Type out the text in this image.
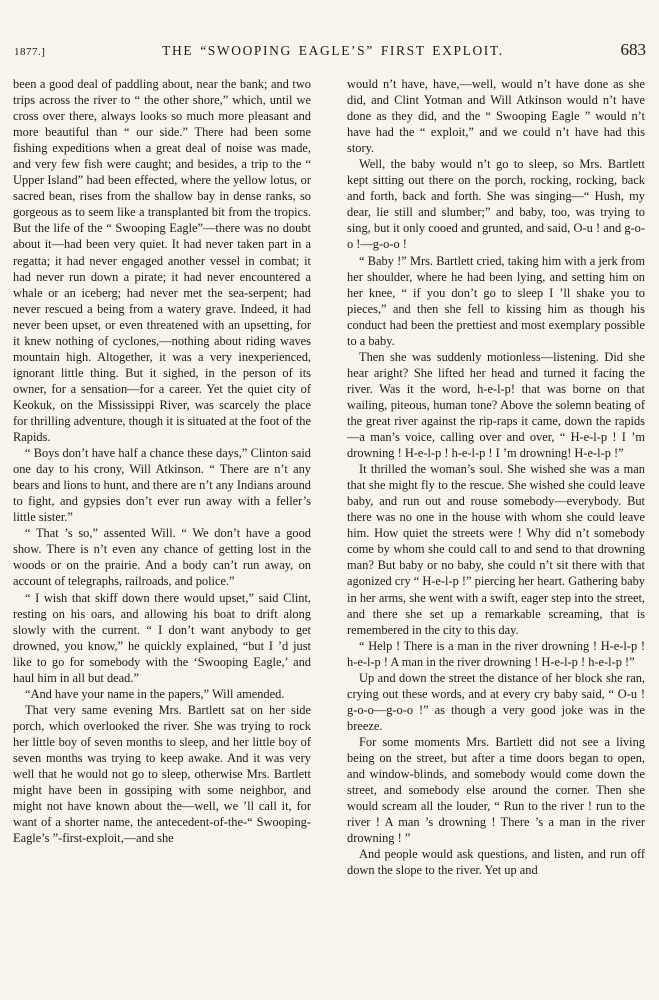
1877.]	THE “SWOOPING EAGLE’S” FIRST EXPLOIT.	683

been a good deal of paddling about, near the bank; and two trips across the river to “ the other shore,” which, until we cross over there, always looks so much more pleasant and more beautiful than “ our side.” There had been some fishing expeditions when a great deal of noise was made, and very few fish were caught; and besides, a trip to the “ Upper Island” had been effected, where the yellow lotus, or sacred bean, rises from the shallow bay in dense ranks, so gorgeous as to seem like a transplanted bit from the tropics. But the life of the “ Swooping Eagle”—there was no doubt about it—had been very quiet. It had never taken part in a regatta; it had never engaged another vessel in combat; it had never run down a pirate; it had never encountered a whale or an iceberg; had never met the sea-serpent; had never rescued a being from a watery grave. Indeed, it had never been upset, or even threatened with an upsetting, for it knew nothing of cyclones,—nothing about riding waves mountain high. Altogether, it was a very inexperienced, ignorant little thing. But it sighed, in the person of its owner, for a sensation—for a career. Yet the quiet city of Keokuk, on the Mississippi River, was scarcely the place for thrilling adventure, though it is situated at the foot of the Rapids.

“ Boys don’t have half a chance these days,” Clinton said one day to his crony, Will Atkinson. “ There are n’t any bears and lions to hunt, and there are n’t any Indians around to fight, and gypsies don’t ever run away with a feller’s little sister.”

“ That ’s so,” assented Will. “ We don’t have a good show. There is n’t even any chance of getting lost in the woods or on the prairie. And a body can’t run away, on account of telegraphs, railroads, and police.”

“ I wish that skiff down there would upset,” said Clint, resting on his oars, and allowing his boat to drift along slowly with the current. “ I don’t want anybody to get drowned, you know,” he quickly explained, “but I ’d just like to go for somebody with the ‘Swooping Eagle,’ and haul him in all but dead.”

“And have your name in the papers,” Will amended.

That very same evening Mrs. Bartlett sat on her side porch, which overlooked the river. She was trying to rock her little boy of seven months to sleep, and her little boy of seven months was trying to keep awake. And it was very well that he would not go to sleep, otherwise Mrs. Bartlett might have been in gossiping with some neighbor, and might not have known about the—well, we ’ll call it, for want of a shorter name, the antecedent-of-the-“ Swooping-Eagle’s ”-first-exploit,—and she

would n’t have, have,—well, would n’t have done as she did, and Clint Yotman and Will Atkinson would n’t have done as they did, and the “ Swooping Eagle ” would n’t have had the “ exploit,” and we could n’t have had this story.

Well, the baby would n’t go to sleep, so Mrs. Bartlett kept sitting out there on the porch, rocking, rocking, back and forth, back and forth. She was singing—“ Hush, my dear, lie still and slumber;” and baby, too, was trying to sing, but it only cooed and grunted, and said, O-u ! and g-o-o !—g-o-o !

“ Baby !” Mrs. Bartlett cried, taking him with a jerk from her shoulder, where he had been lying, and setting him on her knee, “ if you don’t go to sleep I ’ll shake you to pieces,” and then she fell to kissing him as though his conduct had been the prettiest and most exemplary possible to a baby.

Then she was suddenly motionless—listening. Did she hear aright? She lifted her head and turned it facing the river. Was it the word, h-e-l-p! that was borne on that wailing, piteous, human tone? Above the solemn beating of the great river against the rip-raps it came, down the rapids—a man’s voice, calling over and over, “ H-e-l-p ! I ’m drowning ! H-e-l-p ! h-e-l-p ! I ’m drowning! H-e-l-p !”

It thrilled the woman’s soul. She wished she was a man that she might fly to the rescue. She wished she could leave baby, and run out and rouse somebody—everybody. But there was no one in the house with whom she could leave him. How quiet the streets were ! Why did n’t somebody come by whom she could call to and send to that drowning man? But baby or no baby, she could n’t sit there with that agonized cry “ H-e-l-p !” piercing her heart. Gathering baby in her arms, she went with a swift, eager step into the street, and there she set up a remarkable screaming, that is remembered in the city to this day.

“ Help ! There is a man in the river drowning ! H-e-l-p ! h-e-l-p ! A man in the river drowning ! H-e-l-p ! h-e-l-p !”

Up and down the street the distance of her block she ran, crying out these words, and at every cry baby said, “ O-u ! g-o-o—g-o-o !” as though a very good joke was in the breeze.

For some moments Mrs. Bartlett did not see a living being on the street, but after a time doors began to open, and window-blinds, and somebody would come down the street, and somebody else around the corner. Then she would scream all the louder, “ Run to the river ! run to the river ! A man ’s drowning ! There ’s a man in the river drowning ! ”

And people would ask questions, and listen, and run off down the slope to the river. Yet up and
